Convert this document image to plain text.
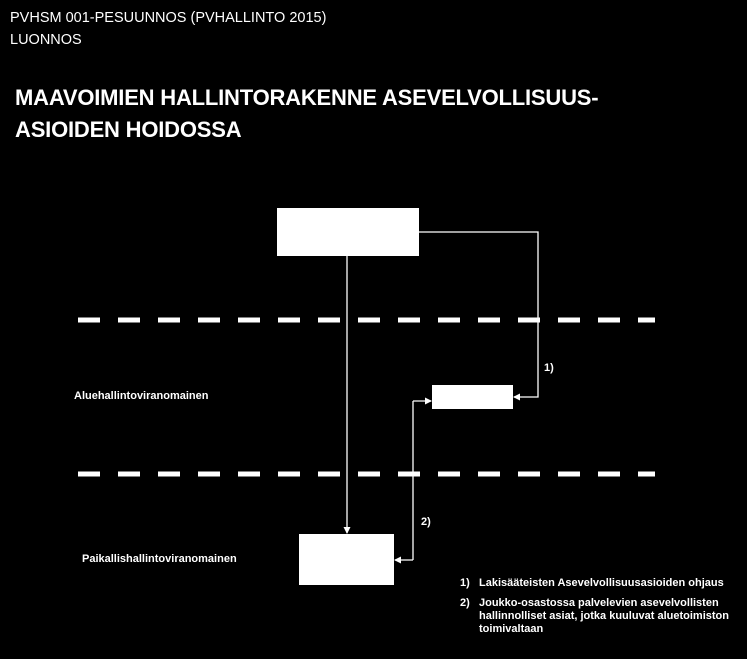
PVHSM 001-PESUUNNOS (PVHALLINTO 2015)
LUONNOS
MAAVOIMIEN HALLINTORAKENNE ASEVELVOLLISUUS-
ASIOIDEN HOIDOSSA
Aluehallintoviranomainen
Paikallishallintoviranomainen
1)
2)
1) Lakisääteisten Asevelvollisuusasioiden ohjaus
2) Joukko-osastossa palvelevien asevelvollisten hallinnolliset asiat, jotka kuuluvat aluetoimiston toimivaltaan
